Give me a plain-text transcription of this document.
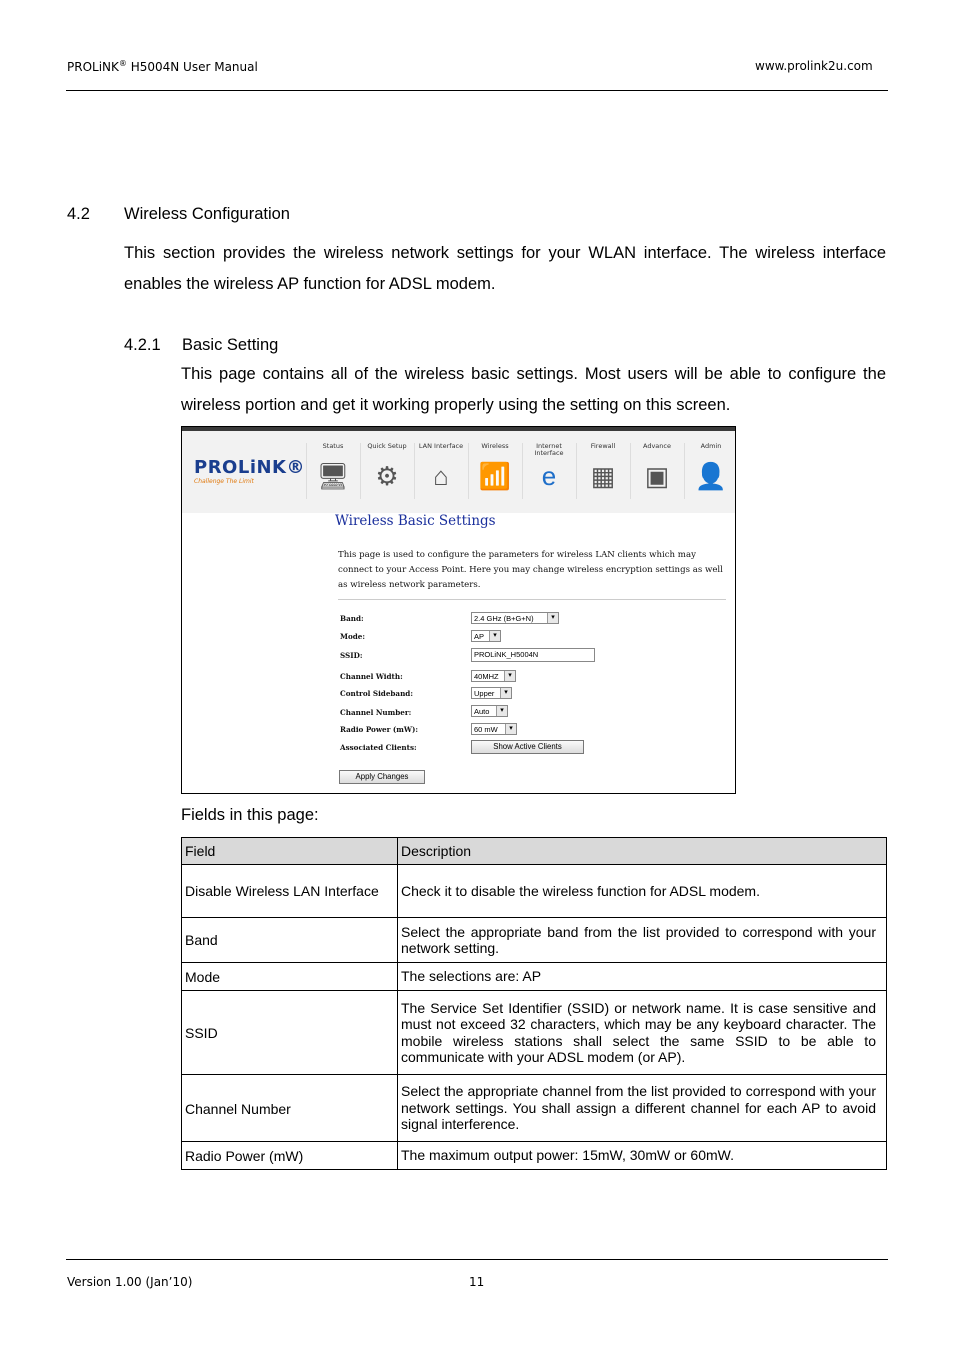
PROLiNK® H5004N User Manual	www.prolink2u.com
4.2 Wireless Configuration
This section provides the wireless network settings for your WLAN interface. The wireless interface enables the wireless AP function for ADSL modem.
4.2.1 Basic Setting
This page contains all of the wireless basic settings. Most users will be able to configure the wireless portion and get it working properly using the setting on this screen.
PROLiNK®
Challenge The Limit
Status
🖥
Quick Setup
⚙
LAN Interface
⌂
Wireless
📶
Internet Interface
e
Firewall
▦
Advance
▣
Admin
👤
Wireless Basic Settings
This page is used to configure the parameters for wireless LAN clients which may connect to your Access Point. Here you may change wireless encryption settings as well as wireless network parameters.
Band:	2.4 GHz (B+G+N)	▾
Mode:	AP	▾
SSID:	PROLiNK_H5004N
Channel Width:	40MHZ	▾
Control Sideband:	Upper	▾
Channel Number:	Auto	▾
Radio Power (mW):	60 mW	▾
Associated Clients:	Show Active Clients
Apply Changes
Fields in this page:
Field	Description
Disable Wireless LAN Interface	Check it to disable the wireless function for ADSL modem.
Band	Select the appropriate band from the list provided to correspond with your network setting.
Mode	The selections are: AP
SSID	The Service Set Identifier (SSID) or network name. It is case sensitive and must not exceed 32 characters, which may be any keyboard character. The mobile wireless stations shall select the same SSID to be able to communicate with your ADSL modem (or AP).
Channel Number	Select the appropriate channel from the list provided to correspond with your network settings. You shall assign a different channel for each AP to avoid signal interference.
Radio Power (mW)	The maximum output power: 15mW, 30mW or 60mW.
Version 1.00 (Jan’10)	11
